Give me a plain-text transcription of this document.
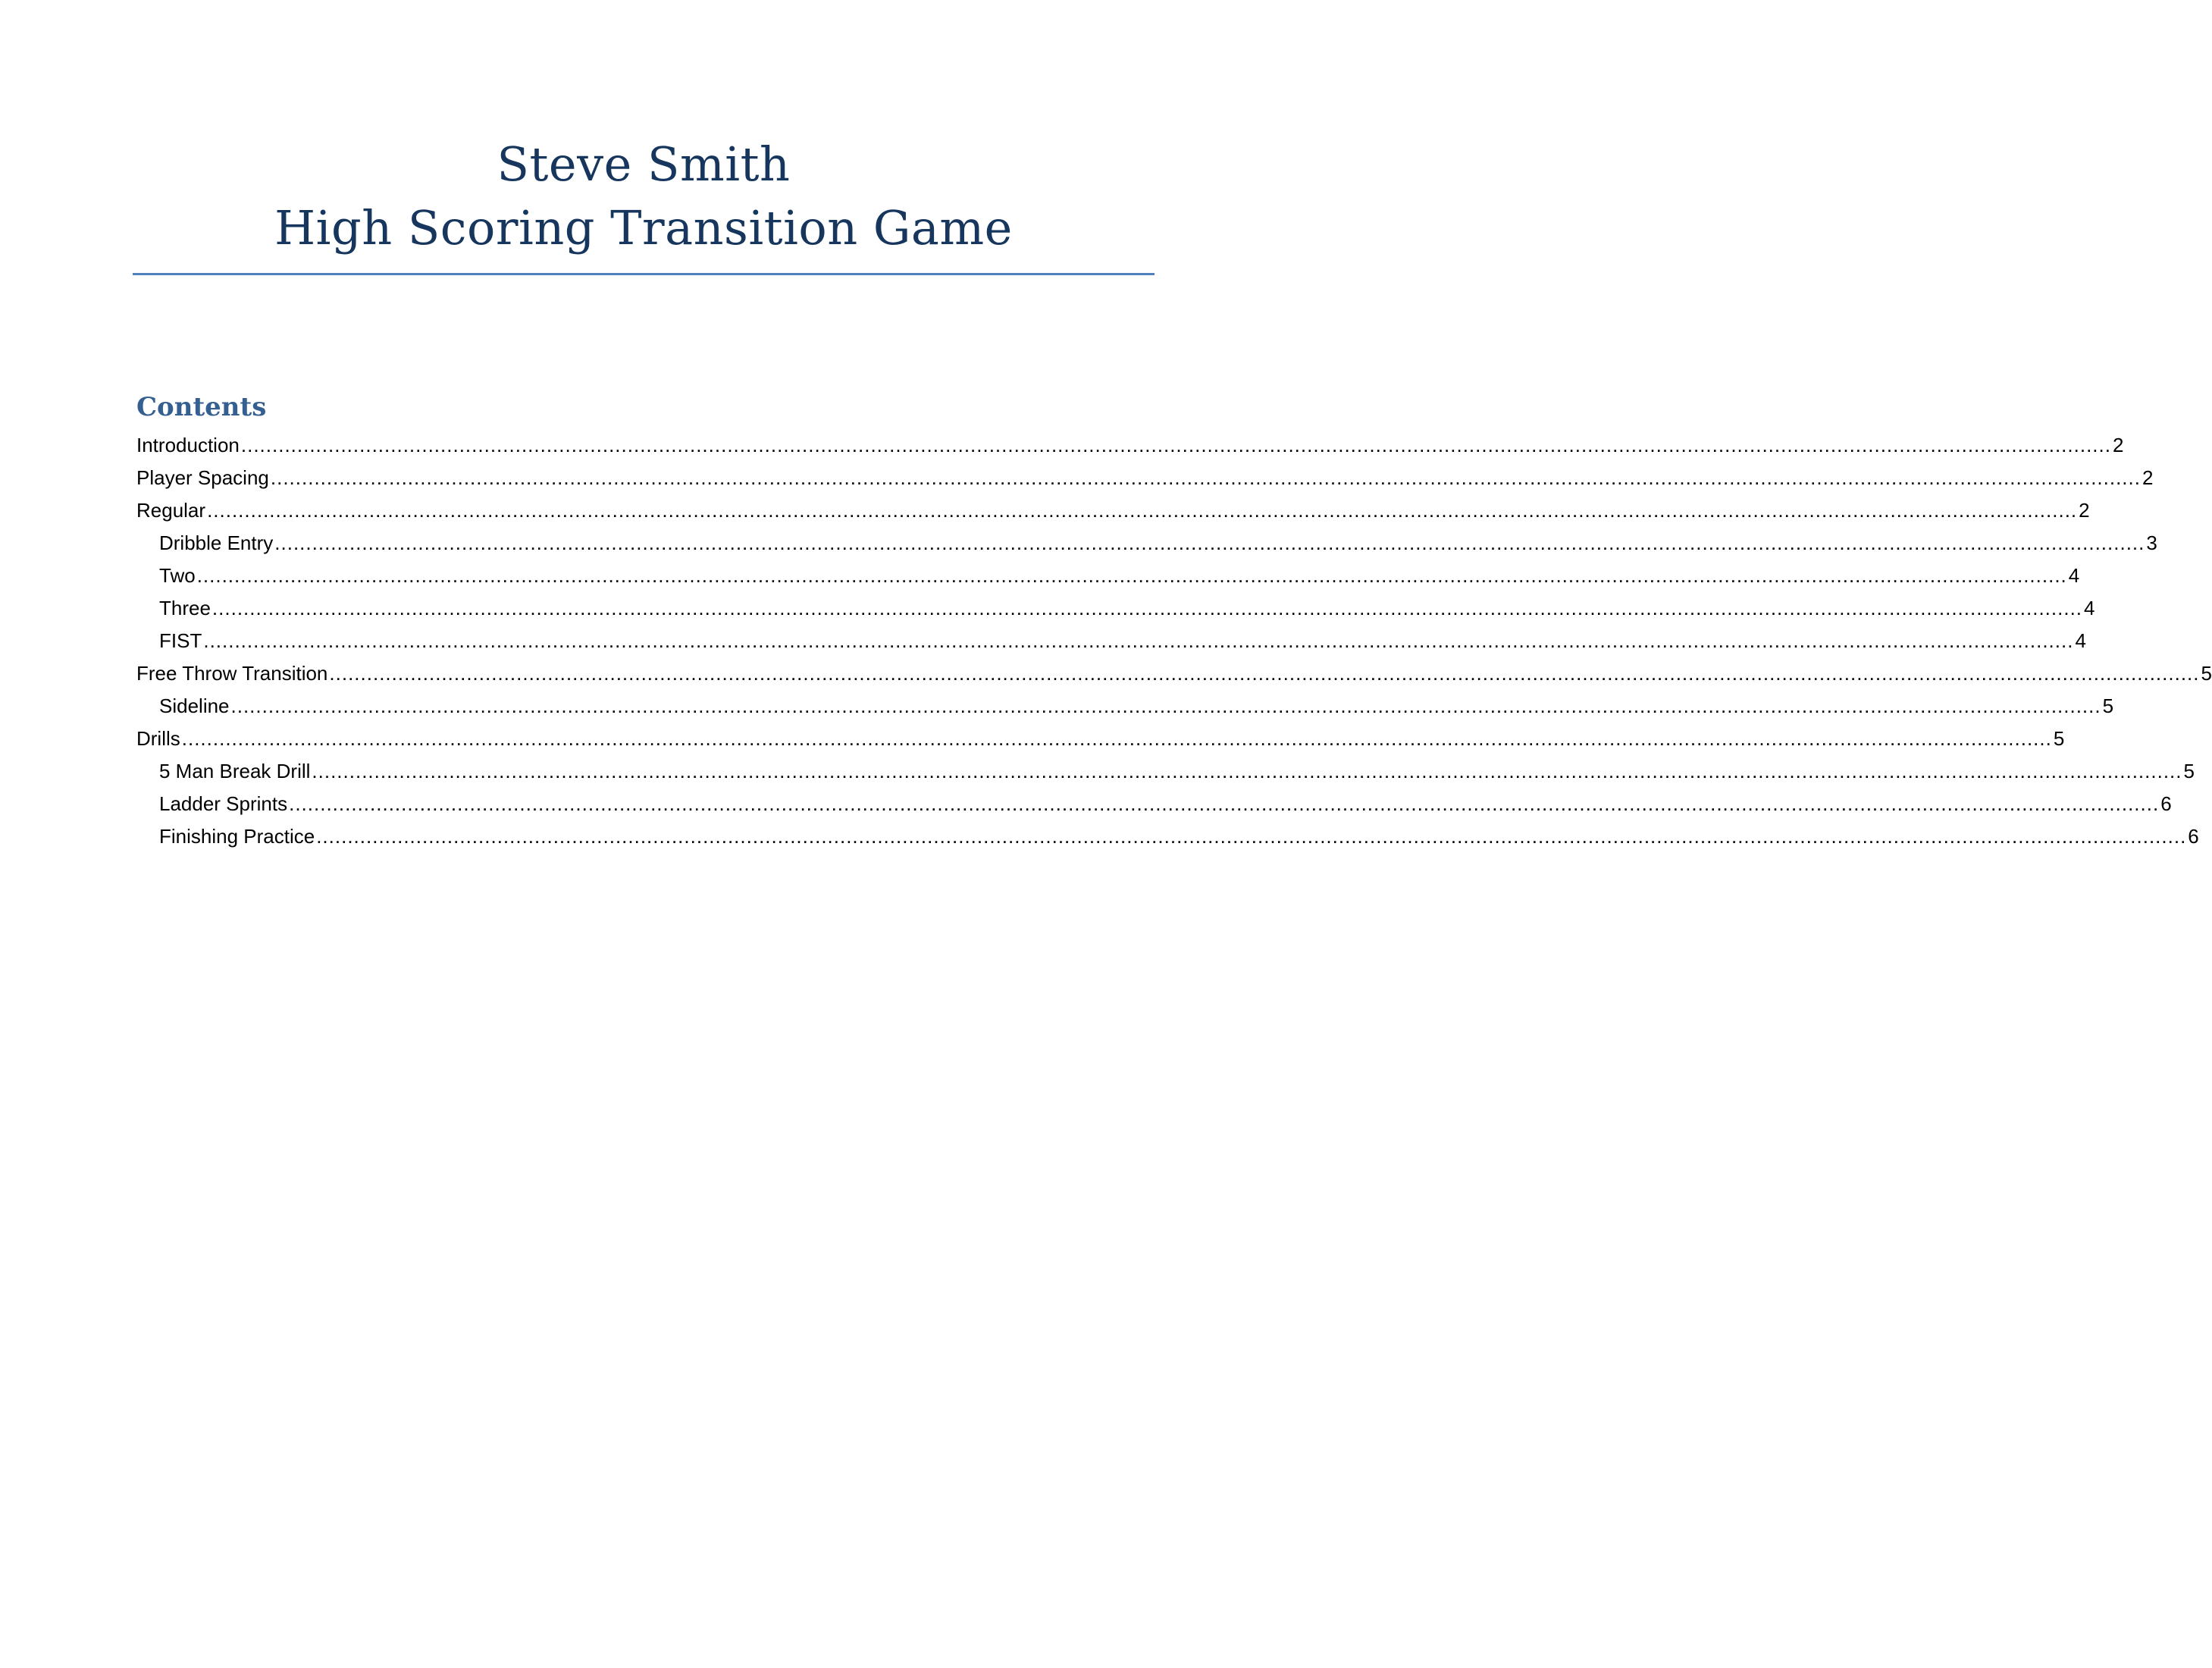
Steve Smith
High Scoring Transition Game
Contents
Introduction ............................................................................................................................................................................................................................................................................................................ 2
Player Spacing ............................................................................................................................................................................................................................................................................................................ 2
Regular ............................................................................................................................................................................................................................................................................................................ 2
Dribble Entry ............................................................................................................................................................................................................................................................................................................ 3
Two ............................................................................................................................................................................................................................................................................................................ 4
Three ............................................................................................................................................................................................................................................................................................................ 4
FIST ............................................................................................................................................................................................................................................................................................................ 4
Free Throw Transition ............................................................................................................................................................................................................................................................................................................ 5
Sideline ............................................................................................................................................................................................................................................................................................................ 5
Drills ............................................................................................................................................................................................................................................................................................................ 5
5 Man Break Drill ............................................................................................................................................................................................................................................................................................................ 5
Ladder Sprints ............................................................................................................................................................................................................................................................................................................ 6
Finishing Practice ............................................................................................................................................................................................................................................................................................................ 6
